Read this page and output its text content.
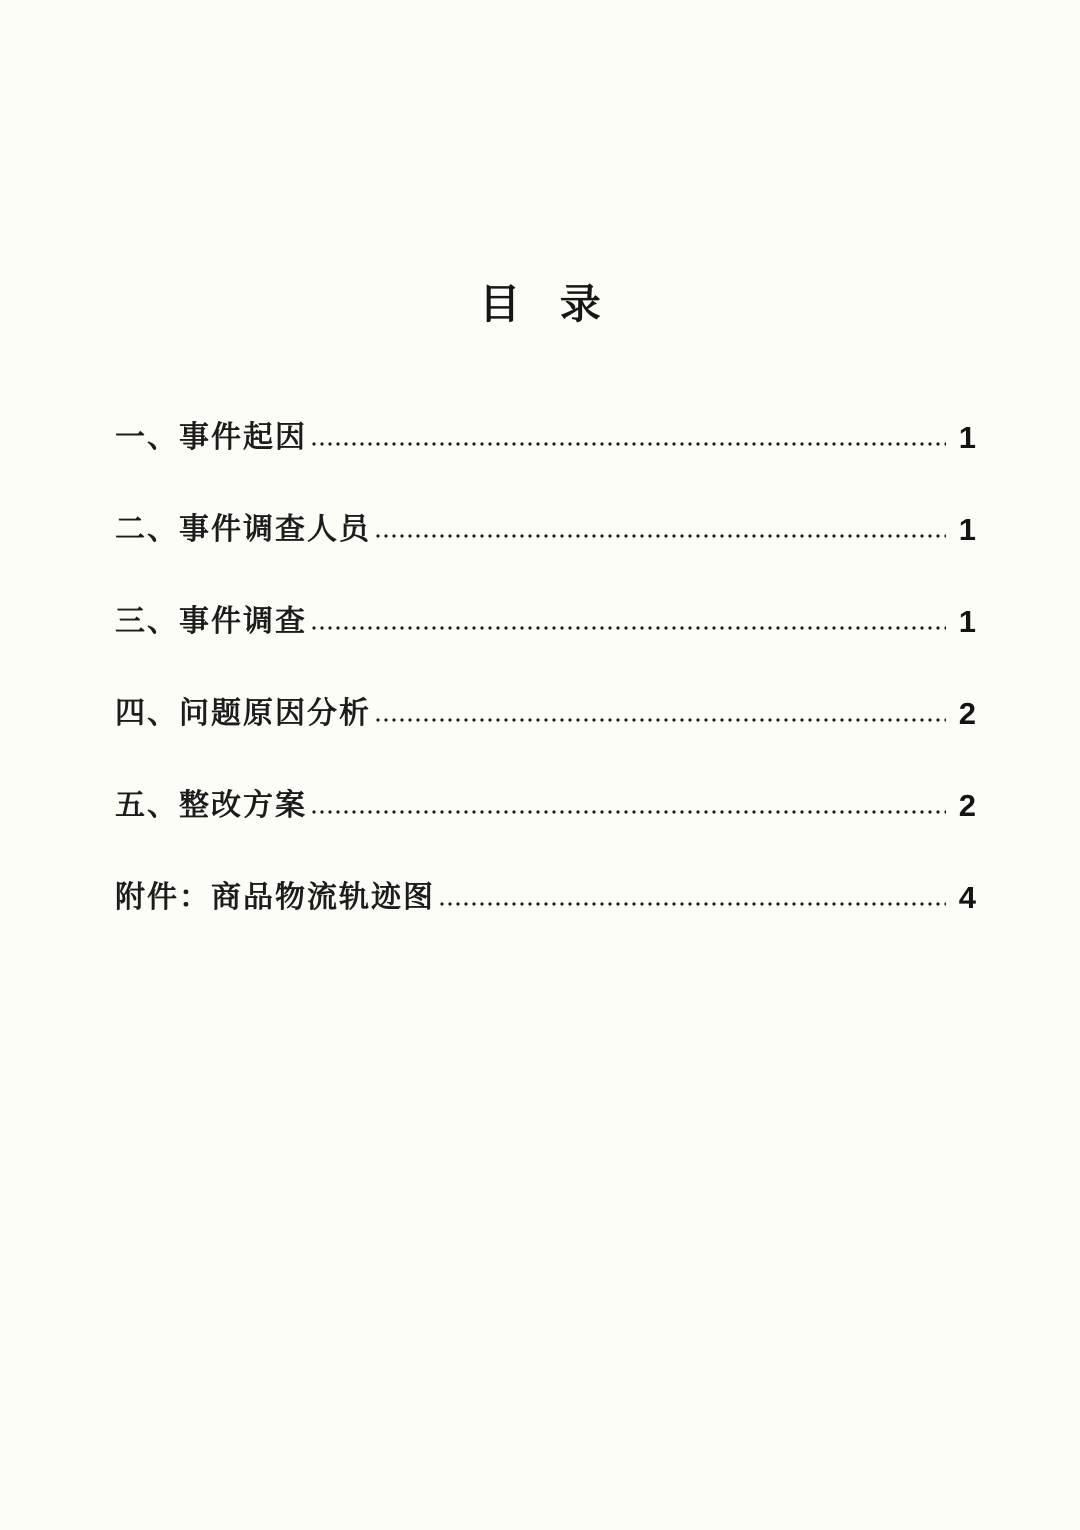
目 录
一、事件起因	1
二、事件调查人员	1
三、事件调查	1
四、问题原因分析	2
五、整改方案	2
附件：商品物流轨迹图	4
